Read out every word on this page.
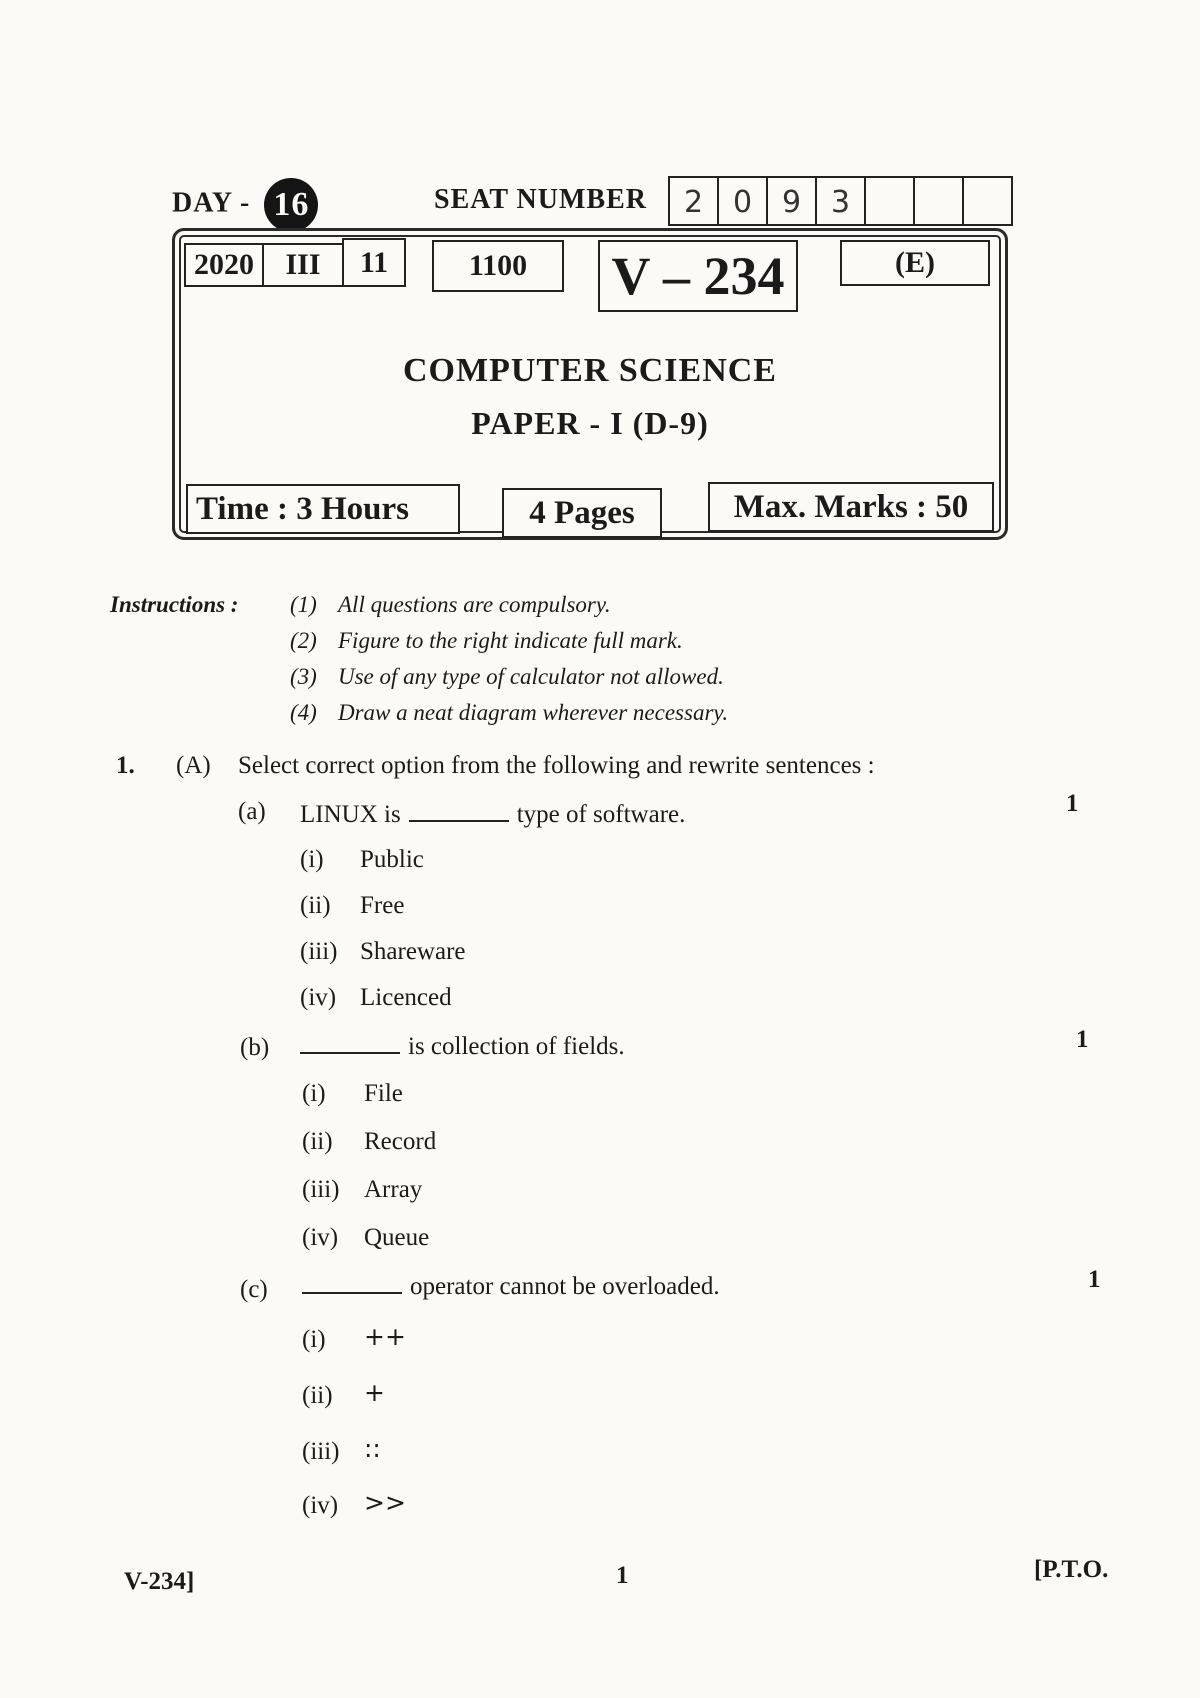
DAY - 16	SEAT NUMBER	2 0 9 3
2020	III	11	1100	V – 234	(E)
COMPUTER SCIENCE
PAPER - I (D-9)
Time : 3 Hours	4 Pages	Max. Marks : 50
Instructions : (1) All questions are compulsory.
(2) Figure to the right indicate full mark.
(3) Use of any type of calculator not allowed.
(4) Draw a neat diagram wherever necessary.
1. (A) Select correct option from the following and rewrite sentences :
(a) LINUX is	type of software.	1
(i) Public
(ii) Free
(iii) Shareware
(iv) Licenced
(b)	is collection of fields.	1
(i) File
(ii) Record
(iii) Array
(iv) Queue
(c)	operator cannot be overloaded.	1
(i) ++
(ii) +
(iii) ::
(iv) >>
V-234]	1	[P.T.O.
